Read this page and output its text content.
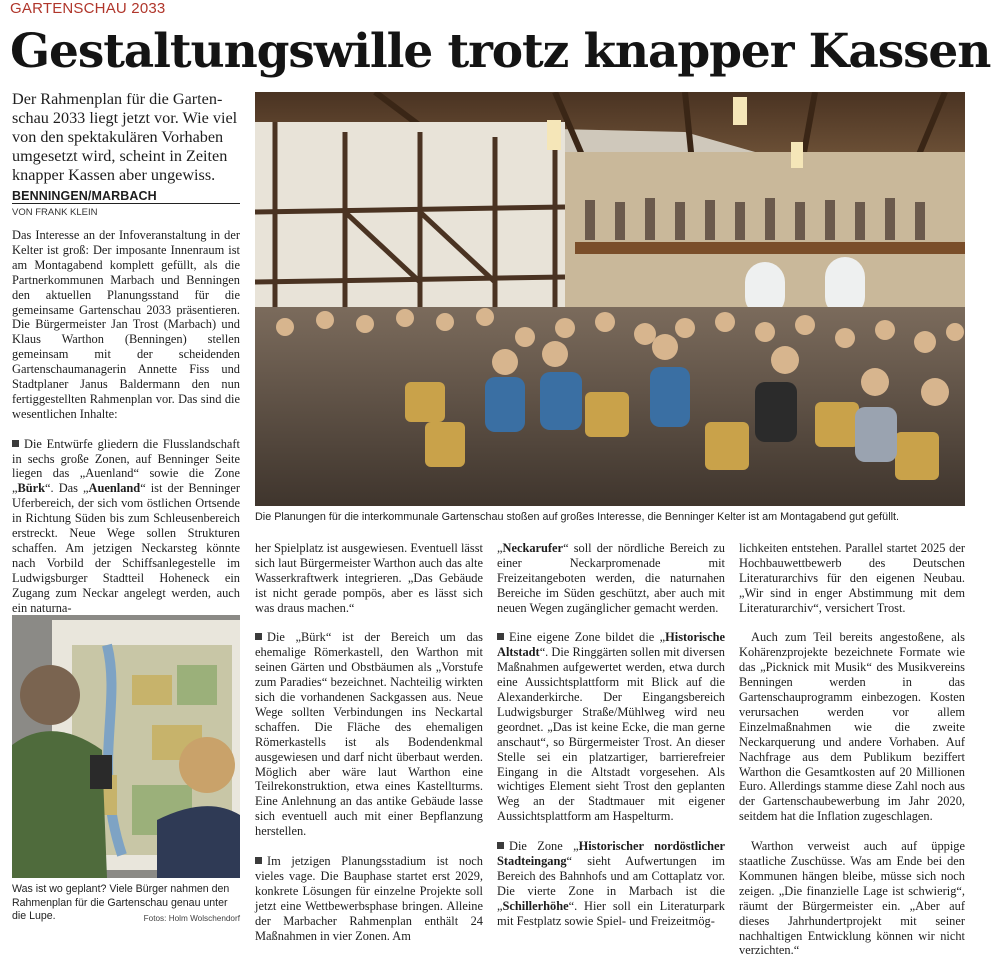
GARTENSCHAU 2033
Gestaltungswille trotz knapper Kassen
Der Rahmenplan für die Garten-
schau 2033 liegt jetzt vor. Wie viel
von den spektakulären Vorhaben
umgesetzt wird, scheint in Zeiten
knapper Kassen aber ungewiss.
BENNINGEN/MARBACH
VON FRANK KLEIN

Das Interesse an der Infoveranstaltung in der Kelter ist groß: Der imposante Innenraum ist am Montagabend komplett gefüllt, als die Partnerkommunen Marbach und Benningen den aktuellen Planungsstand für die gemeinsame Gartenschau 2033 präsentieren. Die Bürgermeister Jan Trost (Marbach) und Klaus Warthon (Benningen) stellen gemeinsam mit der scheidenden Gartenschaumanagerin Annette Fiss und Stadtplaner Janus Baldermann den nun fertiggestellten Rahmenplan vor. Das sind die wesentlichen Inhalte:

Die Entwürfe gliedern die Flusslandschaft in sechs große Zonen, auf Benninger Seite liegen das „Auenland“ sowie die Zone „Bürk“. Das „Auenland“ ist der Benninger Uferbereich, der sich vom östlichen Ortsende in Richtung Süden bis zum Schleusenbereich erstreckt. Neue Wege sollen Strukturen schaffen. Am jetzigen Neckarsteg könnte nach Vorbild der Schiffsanlegestelle im Ludwigsburger Stadtteil Hoheneck ein Zugang zum Neckar angelegt werden, auch ein naturna-

her Spielplatz ist ausgewiesen. Eventuell lässt sich laut Bürgermeister Warthon auch das alte Wasserkraftwerk integrieren. „Das Gebäude ist nicht gerade pompös, aber es lässt sich was draus machen.“

Die „Bürk“ ist der Bereich um das ehemalige Römerkastell, den Warthon mit seinen Gärten und Obstbäumen als „Vorstufe zum Paradies“ bezeichnet. Nachteilig wirkten sich die vorhandenen Sackgassen aus. Neue Wege sollten Verbindungen ins Neckartal schaffen. Die Fläche des ehemaligen Römerkastells ist als Bodendenkmal ausgewiesen und darf nicht überbaut werden. Möglich aber wäre laut Warthon eine Teilrekonstruktion, etwa eines Kastellturms. Eine Anlehnung an das antike Gebäude lasse sich eventuell auch mit einer Bepflanzung herstellen.

Im jetzigen Planungsstadium ist noch vieles vage. Die Bauphase startet erst 2029, konkrete Lösungen für einzelne Projekte soll jetzt eine Wettbewerbsphase bringen. Alleine der Marbacher Rahmenplan enthält 24 Maßnahmen in vier Zonen. Am

„Neckarufer“ soll der nördliche Bereich zu einer Neckarpromenade mit Freizeitangeboten werden, die naturnahen Bereiche im Süden geschützt, aber auch mit neuen Wegen zugänglicher gemacht werden.

Eine eigene Zone bildet die „Historische Altstadt“. Die Ringgärten sollen mit diversen Maßnahmen aufgewertet werden, etwa durch eine Aussichtsplattform mit Blick auf die Alexanderkirche. Der Eingangsbereich Ludwigsburger Straße/Mühlweg wird neu geordnet. „Das ist keine Ecke, die man gerne anschaut“, so Bürgermeister Trost. An dieser Stelle sei ein platzartiger, barrierefreier Eingang in die Altstadt vorgesehen. Als wichtiges Element sieht Trost den geplanten Weg an der Stadtmauer mit eigener Aussichtsplattform am Haspelturm.

Die Zone „Historischer nordöstlicher Stadteingang“ sieht Aufwertungen im Bereich des Bahnhofs und am Cottaplatz vor. Die vierte Zone in Marbach ist die „Schillerhöhe“. Hier soll ein Literaturpark mit Festplatz sowie Spiel- und Freizeitmög-

lichkeiten entstehen. Parallel startet 2025 der Hochbauwettbewerb des Deutschen Literaturarchivs für den eigenen Neubau. „Wir sind in enger Abstimmung mit dem Literaturarchiv“, versichert Trost.

Auch zum Teil bereits angestoßene, als Kohärenzprojekte bezeichnete Formate wie das „Picknick mit Musik“ des Musikvereins Benningen werden in das Gartenschauprogramm einbezogen. Kosten verursachen werden vor allem Einzelmaßnahmen wie die zweite Neckarquerung und andere Vorhaben. Auf Nachfrage aus dem Publikum beziffert Warthon die Gesamtkosten auf 20 Millionen Euro. Allerdings stamme diese Zahl noch aus der Gartenschaubewerbung im Jahr 2020, seitdem hat die Inflation zugeschlagen.

Warthon verweist auch auf üppige staatliche Zuschüsse. Was am Ende bei den Kommunen hängen bleibe, müsse sich noch zeigen. „Die finanzielle Lage ist schwierig“, räumt der Bürgermeister ein. „Aber auf dieses Jahrhundertprojekt mit seiner nachhaltigen Entwicklung können wir nicht verzichten.“

Die Planungen für die interkommunale Gartenschau stoßen auf großes Interesse, die Benninger Kelter ist am Montagabend gut gefüllt.
Was ist wo geplant? Viele Bürger nahmen den Rahmenplan für die Gartenschau genau unter die Lupe.	Fotos: Holm Wolschendorf
